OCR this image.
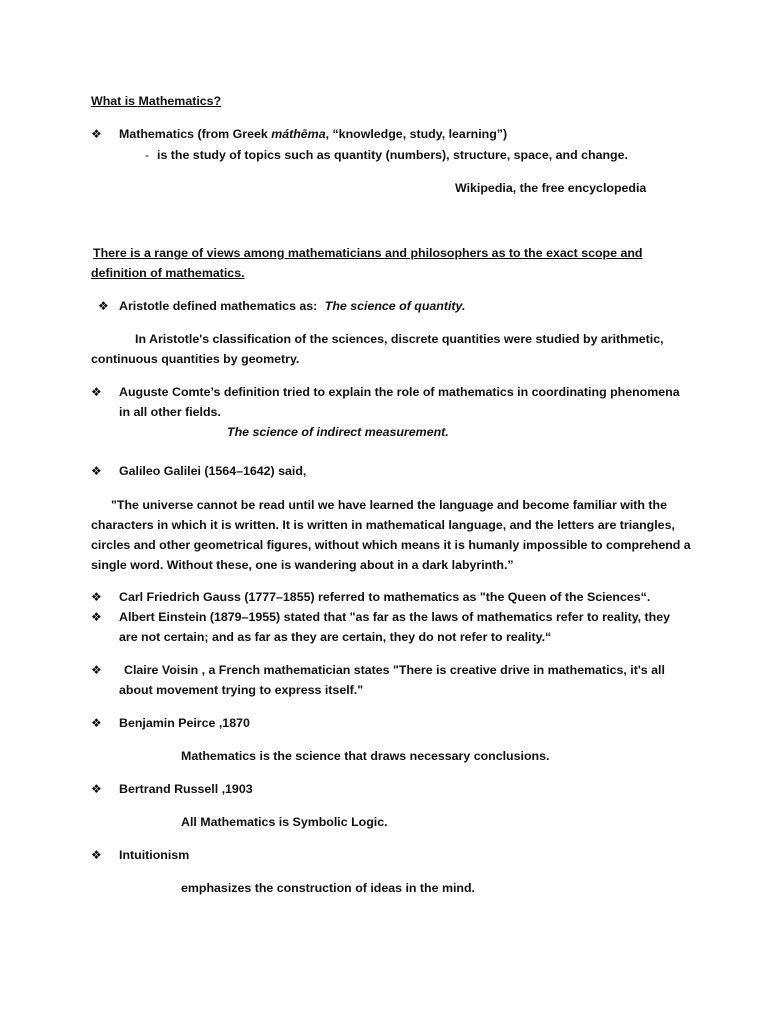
What is Mathematics?

❖ Mathematics (from Greek máthēma, “knowledge, study, learning”)

- is the study of topics such as quantity (numbers), structure, space, and change.

Wikipedia, the free encyclopedia

There is a range of views among mathematicians and philosophers as to the exact scope and

definition of mathematics.

❖ Aristotle defined mathematics as: The science of quantity.

In Aristotle's classification of the sciences, discrete quantities were studied by arithmetic,

continuous quantities by geometry.

❖ Auguste Comte’s definition tried to explain the role of mathematics in coordinating phenomena

in all other fields.

The science of indirect measurement.

❖ Galileo Galilei (1564–1642) said,

"The universe cannot be read until we have learned the language and become familiar with the

characters in which it is written. It is written in mathematical language, and the letters are triangles,

circles and other geometrical figures, without which means it is humanly impossible to comprehend a

single word. Without these, one is wandering about in a dark labyrinth.”

❖ Carl Friedrich Gauss (1777–1855) referred to mathematics as "the Queen of the Sciences“.

❖ Albert Einstein (1879–1955) stated that "as far as the laws of mathematics refer to reality, they

are not certain; and as far as they are certain, they do not refer to reality.“

❖ Claire Voisin , a French mathematician states "There is creative drive in mathematics, it's all

about movement trying to express itself."

❖ Benjamin Peirce ,1870

Mathematics is the science that draws necessary conclusions.

❖ Bertrand Russell ,1903

All Mathematics is Symbolic Logic.

❖ Intuitionism

emphasizes the construction of ideas in the mind.
